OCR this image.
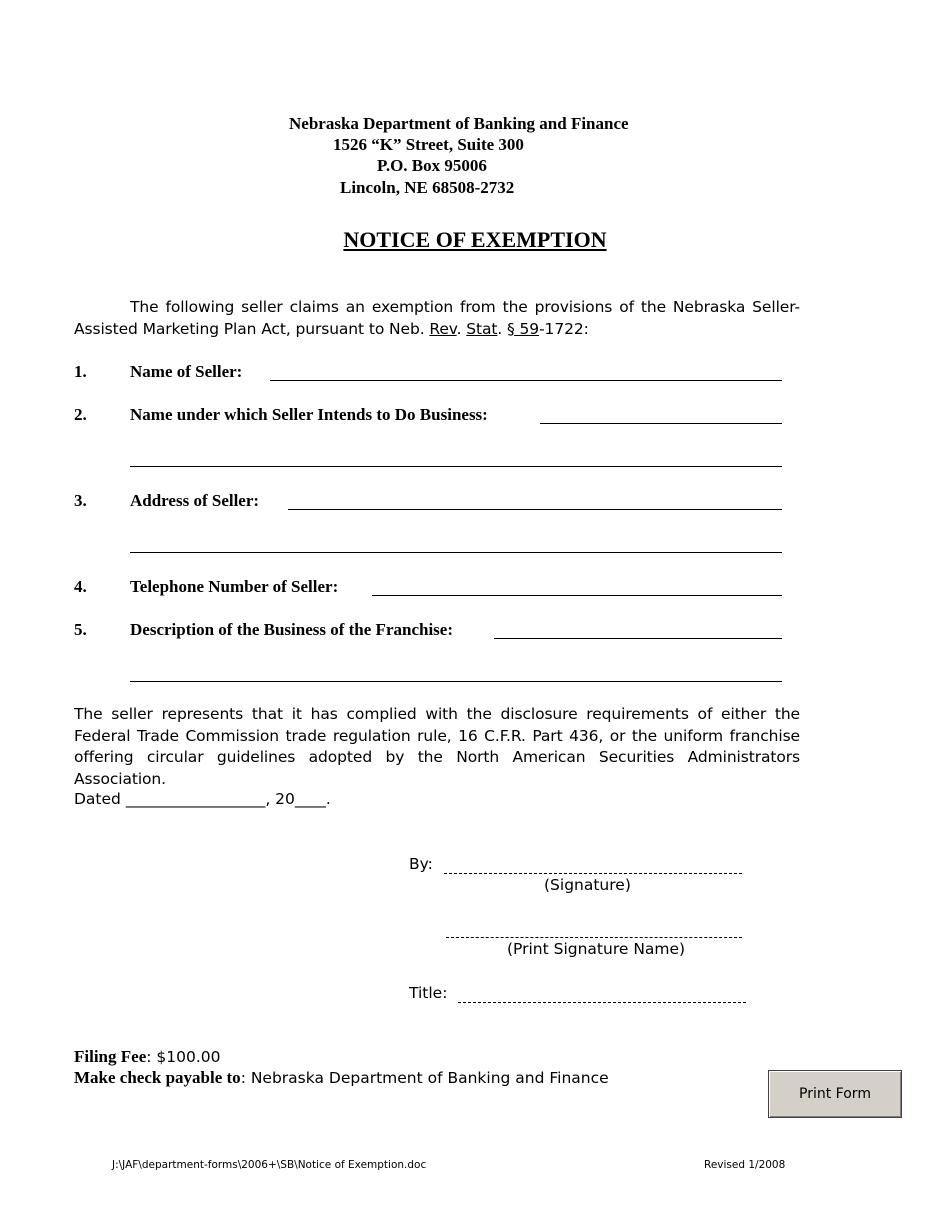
Nebraska Department of Banking and Finance
1526 “K” Street, Suite 300
P.O. Box 95006
Lincoln, NE 68508-2732
NOTICE OF EXEMPTION
The following seller claims an exemption from the provisions of the Nebraska Seller-Assisted Marketing Plan Act, pursuant to Neb. Rev. Stat. § 59-1722:
1.	Name of Seller:
2.	Name under which Seller Intends to Do Business:
3.	Address of Seller:
4.	Telephone Number of Seller:
5.	Description of the Business of the Franchise:
The seller represents that it has complied with the disclosure requirements of either the Federal Trade Commission trade regulation rule, 16 C.F.R. Part 436, or the uniform franchise offering circular guidelines adopted by the North American Securities Administrators Association.
Dated __________________, 20____.
By:
(Signature)
(Print Signature Name)
Title:
Filing Fee: $100.00
Make check payable to: Nebraska Department of Banking and Finance
Print Form
J:\JAF\department-forms\2006+\SB\Notice of Exemption.doc	Revised 1/2008
